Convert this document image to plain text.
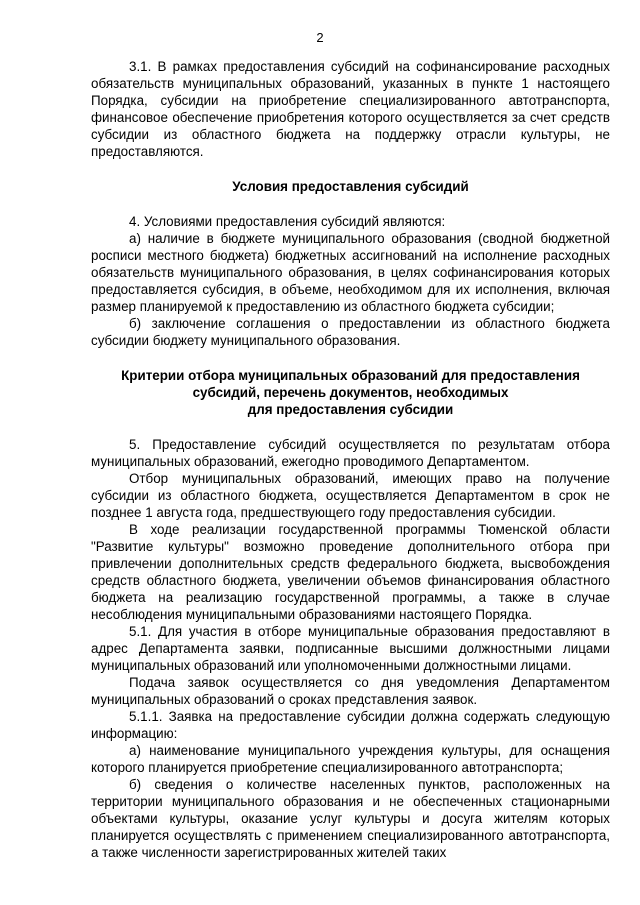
2

3.1. В рамках предоставления субсидий на софинансирование расходных обязательств муниципальных образований, указанных в пункте 1 настоящего Порядка, субсидии на приобретение специализированного автотранспорта, финансовое обеспечение приобретения которого осуществляется за счет средств субсидии из областного бюджета на поддержку отрасли культуры, не предоставляются.

Условия предоставления субсидий

4. Условиями предоставления субсидий являются:

а) наличие в бюджете муниципального образования (сводной бюджетной росписи местного бюджета) бюджетных ассигнований на исполнение расходных обязательств муниципального образования, в целях софинансирования которых предоставляется субсидия, в объеме, необходимом для их исполнения, включая размер планируемой к предоставлению из областного бюджета субсидии;

б) заключение соглашения о предоставлении из областного бюджета субсидии бюджету муниципального образования.

Критерии отбора муниципальных образований для предоставления
субсидий, перечень документов, необходимых
для предоставления субсидии

5. Предоставление субсидий осуществляется по результатам отбора муниципальных образований, ежегодно проводимого Департаментом.

Отбор муниципальных образований, имеющих право на получение субсидии из областного бюджета, осуществляется Департаментом в срок не позднее 1 августа года, предшествующего году предоставления субсидии.

В ходе реализации государственной программы Тюменской области "Развитие культуры" возможно проведение дополнительного отбора при привлечении дополнительных средств федерального бюджета, высвобождения средств областного бюджета, увеличении объемов финансирования областного бюджета на реализацию государственной программы, а также в случае несоблюдения муниципальными образованиями настоящего Порядка.

5.1. Для участия в отборе муниципальные образования предоставляют в адрес Департамента заявки, подписанные высшими должностными лицами муниципальных образований или уполномоченными должностными лицами.

Подача заявок осуществляется со дня уведомления Департаментом муниципальных образований о сроках представления заявок.

5.1.1. Заявка на предоставление субсидии должна содержать следующую информацию:

а) наименование муниципального учреждения культуры, для оснащения которого планируется приобретение специализированного автотранспорта;

б) сведения о количестве населенных пунктов, расположенных на территории муниципального образования и не обеспеченных стационарными объектами культуры, оказание услуг культуры и досуга жителям которых планируется осуществлять с применением специализированного автотранспорта, а также численности зарегистрированных жителей таких
